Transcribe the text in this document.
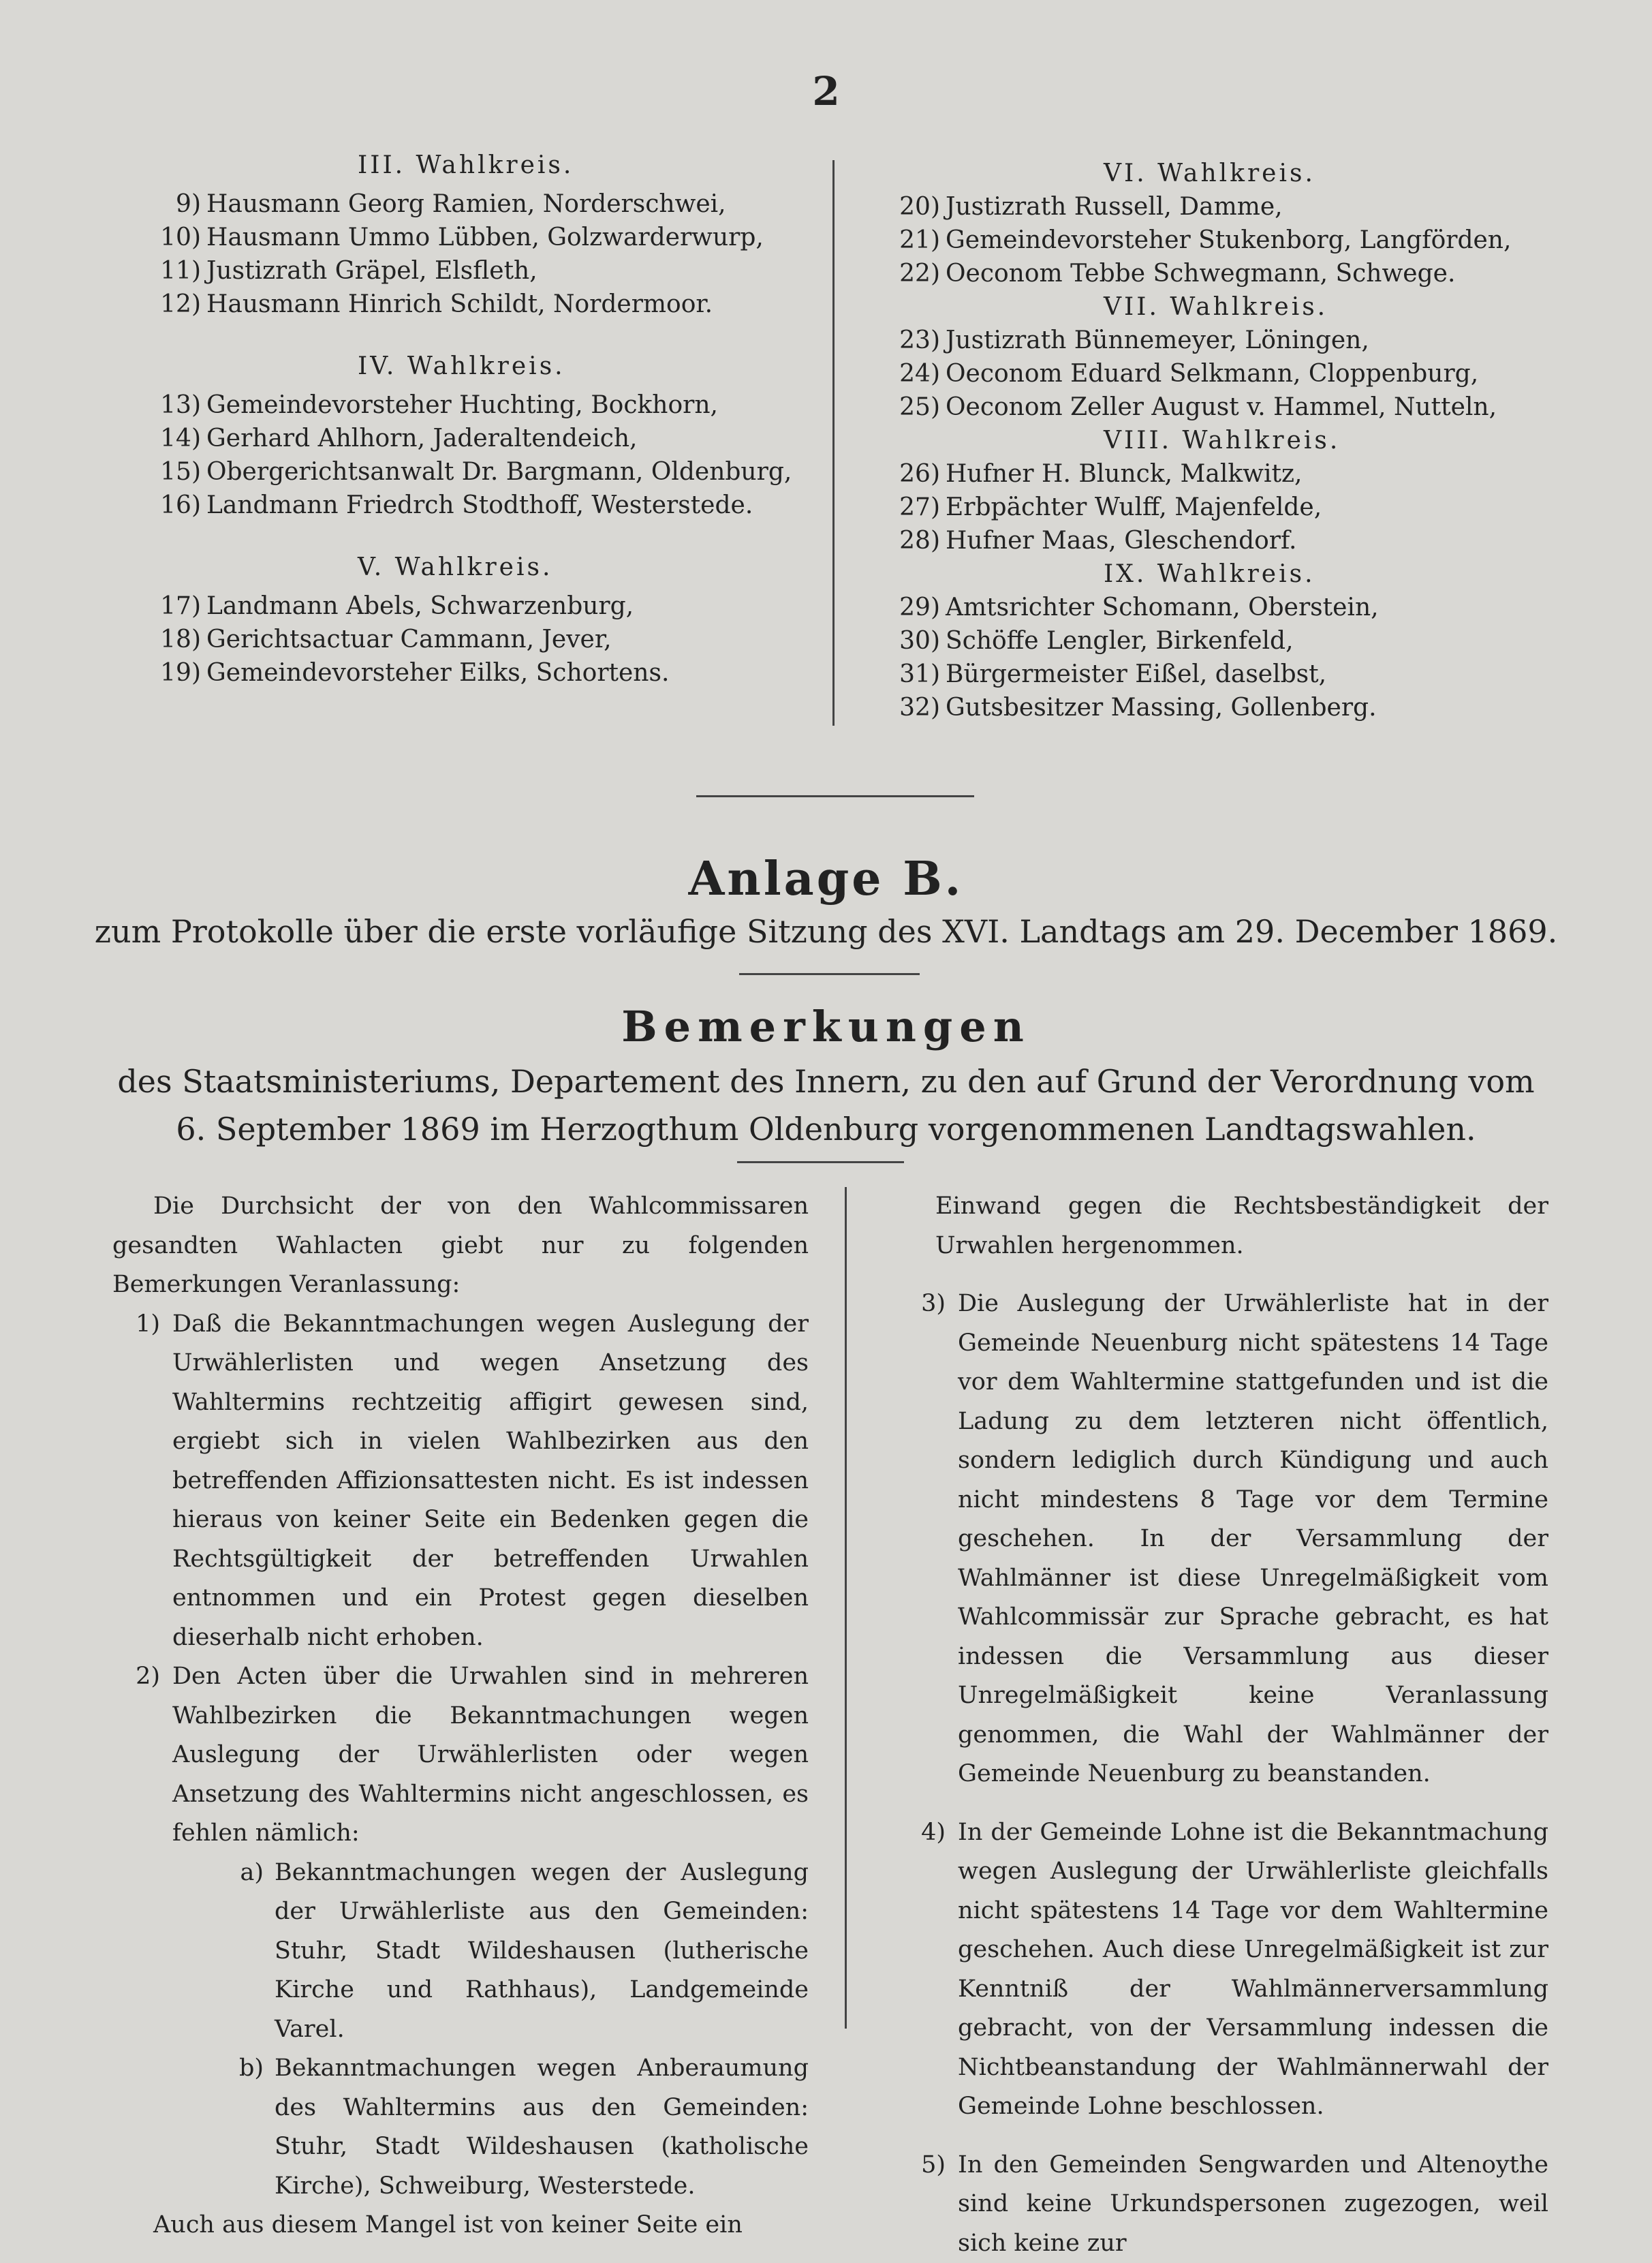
2
III. Wahlkreis.
9) Hausmann Georg Ramien, Norderschwei,
10) Hausmann Ummo Lübben, Golzwarderwurp,
11) Justizrath Gräpel, Elsfleth,
12) Hausmann Hinrich Schildt, Nordermoor.
IV. Wahlkreis.
13) Gemeindevorsteher Huchting, Bockhorn,
14) Gerhard Ahlhorn, Jaderaltendeich,
15) Obergerichtsanwalt Dr. Bargmann, Oldenburg,
16) Landmann Friedrch Stodthoff, Westerstede.
V. Wahlkreis.
17) Landmann Abels, Schwarzenburg,
18) Gerichtsactuar Cammann, Jever,
19) Gemeindevorsteher Eilks, Schortens.
VI. Wahlkreis.
20) Justizrath Russell, Damme,
21) Gemeindevorsteher Stukenborg, Langförden,
22) Oeconom Tebbe Schwegmann, Schwege.
VII. Wahlkreis.
23) Justizrath Bünnemeyer, Löningen,
24) Oeconom Eduard Selkmann, Cloppenburg,
25) Oeconom Zeller August v. Hammel, Nutteln,
VIII. Wahlkreis.
26) Hufner H. Blunck, Malkwitz,
27) Erbpächter Wulff, Majenfelde,
28) Hufner Maas, Gleschendorf.
IX. Wahlkreis.
29) Amtsrichter Schomann, Oberstein,
30) Schöffe Lengler, Birkenfeld,
31) Bürgermeister Eißel, daselbst,
32) Gutsbesitzer Massing, Gollenberg.
Anlage B.
zum Protokolle über die erste vorläufige Sitzung des XVI. Landtags am 29. December 1869.
Bemerkungen
des Staatsministeriums, Departement des Innern, zu den auf Grund der Verordnung vom
6. September 1869 im Herzogthum Oldenburg vorgenommenen Landtagswahlen.

Die Durchsicht der von den Wahlcommissaren gesandten Wahlacten giebt nur zu folgenden Bemerkungen Veranlassung:

1) Daß die Bekanntmachungen wegen Auslegung der Urwählerlisten und wegen Ansetzung des Wahltermins rechtzeitig affigirt gewesen sind, ergiebt sich in vielen Wahlbezirken aus den betreffenden Affizionsattesten nicht. Es ist indessen hieraus von keiner Seite ein Bedenken gegen die Rechtsgültigkeit der betreffenden Urwahlen entnommen und ein Protest gegen dieselben dieserhalb nicht erhoben.
2) Den Acten über die Urwahlen sind in mehreren Wahlbezirken die Bekanntmachungen wegen Auslegung der Urwählerlisten oder wegen Ansetzung des Wahltermins nicht angeschlossen, es fehlen nämlich:
a) Bekanntmachungen wegen der Auslegung der Urwählerliste aus den Gemeinden: Stuhr, Stadt Wildeshausen (lutherische Kirche und Rathhaus), Landgemeinde Varel.
b) Bekanntmachungen wegen Anberaumung des Wahltermins aus den Gemeinden: Stuhr, Stadt Wildeshausen (katholische Kirche), Schweiburg, Westerstede.

Auch aus diesem Mangel ist von keiner Seite ein

Einwand gegen die Rechtsbeständigkeit der Urwahlen hergenommen.

3) Die Auslegung der Urwählerliste hat in der Gemeinde Neuenburg nicht spätestens 14 Tage vor dem Wahltermine stattgefunden und ist die Ladung zu dem letzteren nicht öffentlich, sondern lediglich durch Kündigung und auch nicht mindestens 8 Tage vor dem Termine geschehen. In der Versammlung der Wahlmänner ist diese Unregelmäßigkeit vom Wahlcommissär zur Sprache gebracht, es hat indessen die Versammlung aus dieser Unregelmäßigkeit keine Veranlassung genommen, die Wahl der Wahlmänner der Gemeinde Neuenburg zu beanstanden.
4) In der Gemeinde Lohne ist die Bekanntmachung wegen Auslegung der Urwählerliste gleichfalls nicht spätestens 14 Tage vor dem Wahltermine geschehen. Auch diese Unregelmäßigkeit ist zur Kenntniß der Wahlmännerversammlung gebracht, von der Versammlung indessen die Nichtbeanstandung der Wahlmännerwahl der Gemeinde Lohne beschlossen.
5) In den Gemeinden Sengwarden und Altenoythe sind keine Urkundspersonen zugezogen, weil sich keine zur
